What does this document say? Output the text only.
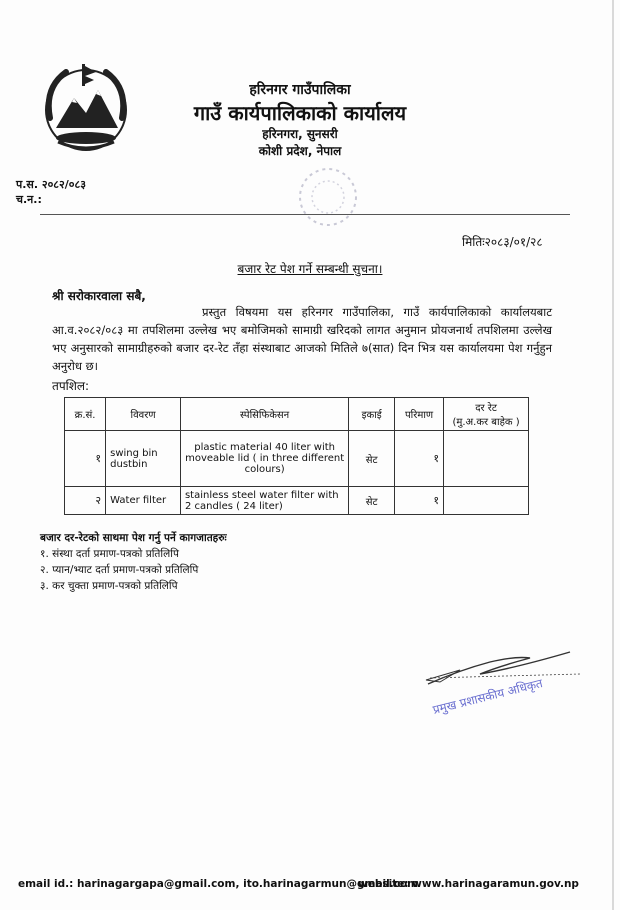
हरिनगर गाउँपालिका
गाउँ कार्यपालिकाको कार्यालय
हरिनगरा, सुनसरी
कोशी प्रदेश, नेपाल
प.स. २०८२/०८३
च.न.:
मितिः२०८३/०१/२८
बजार रेट पेश गर्ने सम्बन्धी सुचना।
श्री सरोकारवाला सबै,
प्रस्तुत विषयमा यस हरिनगर गाउँपालिका, गाउँ कार्यपालिकाको कार्यालयबाट आ.व.२०८२/०८३ मा तपशिलमा उल्लेख भए बमोजिमको सामाग्री खरिदको लागत अनुमान प्रोयजनार्थ तपशिलमा उल्लेख भए अनुसारको सामाग्रीहरुको बजार दर-रेट तँहा संस्थाबाट आजको मितिले ७(सात) दिन भित्र यस कार्यालयमा पेश गर्नुहुन अनुरोध छ।
तपशिल:
क्र.सं.	विवरण	स्पेसिफिकेसन	इकाई	परिमाण	दर रेट
(मु.अ.कर बाहेक )

१	swing bin dustbin	plastic material 40 liter with moveable lid ( in three different colours)	सेट	१	
२	Water filter	stainless steel water filter with 2 candles ( 24 liter)	सेट	१	
बजार दर-रेटको साथमा पेश गर्नु पर्ने कागजातहरुः
१. संस्था दर्ता प्रमाण-पत्रको प्रतिलिपि
२. प्यान/भ्याट दर्ता प्रमाण-पत्रको प्रतिलिपि
३. कर चुक्ता प्रमाण-पत्रको प्रतिलिपि
प्रमुख प्रशासकीय अधिकृत
email id.: harinagargapa@gmail.com, ito.harinagarmun@gmail.com
website: www.harinagaramun.gov.np
